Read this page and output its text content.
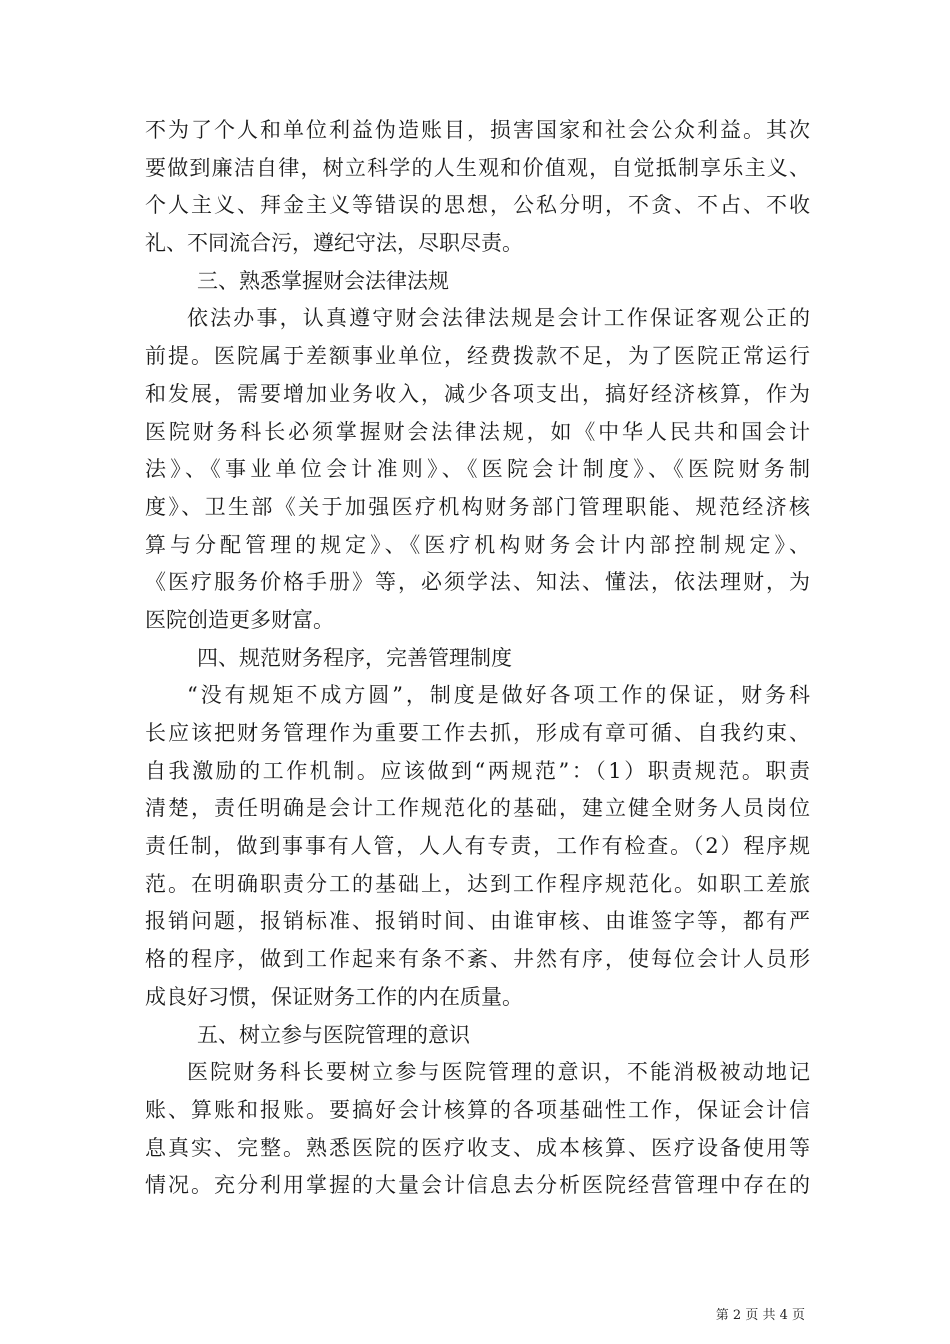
不为了个人和单位利益伪造账目，损害国家和社会公众利益。其次
要做到廉洁自律，树立科学的人生观和价值观，自觉抵制享乐主义、
个人主义、拜金主义等错误的思想，公私分明，不贪、不占、不收
礼、不同流合污，遵纪守法，尽职尽责。
三、熟悉掌握财会法律法规
依法办事，认真遵守财会法律法规是会计工作保证客观公正的
前提。医院属于差额事业单位，经费拨款不足，为了医院正常运行
和发展，需要增加业务收入，减少各项支出，搞好经济核算，作为
医院财务科长必须掌握财会法律法规，如《中华人民共和国会计
法》、《事业单位会计准则》、《医院会计制度》、《医院财务制
度》、卫生部《关于加强医疗机构财务部门管理职能、规范经济核
算与分配管理的规定》、《医疗机构财务会计内部控制规定》、
《医疗服务价格手册》等，必须学法、知法、懂法，依法理财，为
医院创造更多财富。
四、规范财务程序，完善管理制度
“没有规矩不成方圆”，制度是做好各项工作的保证，财务科
长应该把财务管理作为重要工作去抓，形成有章可循、自我约束、
自我激励的工作机制。应该做到“两规范”：（1）职责规范。职责
清楚，责任明确是会计工作规范化的基础，建立健全财务人员岗位
责任制，做到事事有人管，人人有专责，工作有检查。（2）程序规
范。在明确职责分工的基础上，达到工作程序规范化。如职工差旅
报销问题，报销标准、报销时间、由谁审核、由谁签字等，都有严
格的程序，做到工作起来有条不紊、井然有序，使每位会计人员形
成良好习惯，保证财务工作的内在质量。
五、树立参与医院管理的意识
医院财务科长要树立参与医院管理的意识，不能消极被动地记
账、算账和报账。要搞好会计核算的各项基础性工作，保证会计信
息真实、完整。熟悉医院的医疗收支、成本核算、医疗设备使用等
情况。充分利用掌握的大量会计信息去分析医院经营管理中存在的
第 2 页 共 4 页
